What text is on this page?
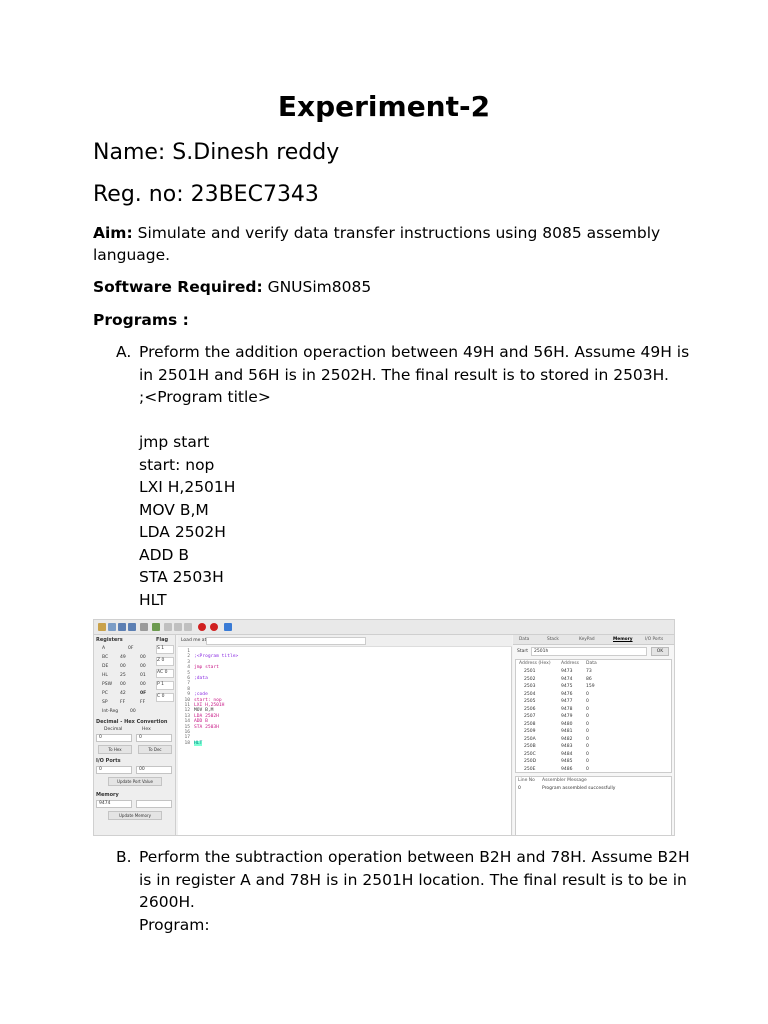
Experiment-2
Name: S.Dinesh reddy
Reg. no: 23BEC7343
Aim: Simulate and verify data transfer instructions using 8085 assembly language.
Software Required: GNUSim8085
Programs :
A. Preform the addition operaction between 49H and 56H. Assume 49H is
in 2501H and 56H is in 2502H. The final result is to stored in 2503H.
;<Program title>
jmp start
start: nop
LXI H,2501H
MOV B,M
LDA 2502H
ADD B
STA 2503H
HLT
Registers	Flag
A	0F
BC	49	00
DE	00	00
HL	25	01
PSW 00	00
PC	42	0F
SP	FF	FF
Int-Reg	00
S 1
Z 0
AC 0
P 1
C 0
Decimal - Hex Convertion
Decimal	Hex
0	0
To Hex	To Dec
I/O Ports
0	00
Update Port Value
Memory
9474
Update Memory
Load me at
1
2 ;<Program title>
3
4 jmp start
5
6 ;data
7
8
9 ;code
10 start: nop
11 LXI H,2501H
12 MOV B,M
13 LDA 2502H
14 ADD B
15 STA 2503H
16
17
18 HLT
Data	Stack	KeyPad	Memory	I/O Ports
Start	2501h	OK
Address (Hex) Address Data
2501	9473	73
2502	9474	86
2503	9475	159
2504	9476	0
2505	9477	0
2506	9478	0
2507	9479	0
2508	9480	0
2509	9481	0
250A	9482	0
250B	9483	0
250C	9484	0
250D	9485	0
250E	9486	0
Line No Assembler Message
0	Program assembled successfully
B. Perform the subtraction operation between B2H and 78H. Assume B2H
is in register A and 78H is in 2501H location. The final result is to be in
2600H.
Program:
